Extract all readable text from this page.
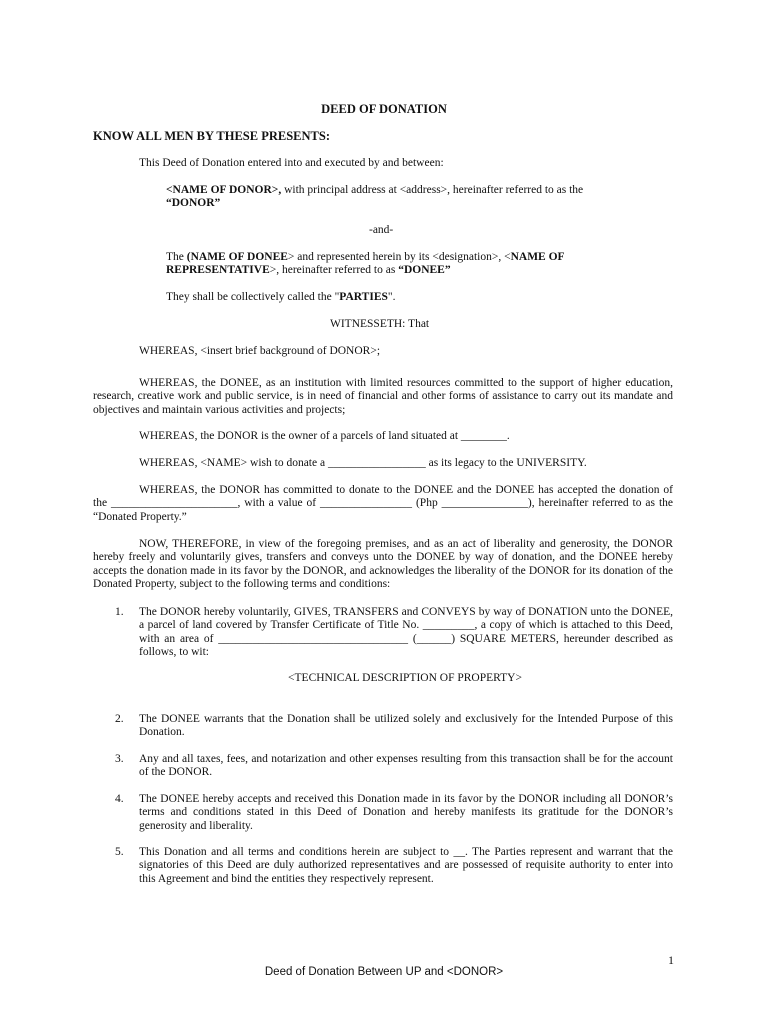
DEED OF DONATION
KNOW ALL MEN BY THESE PRESENTS:
This Deed of Donation entered into and executed by and between:
<NAME OF DONOR>, with principal address at <address>, hereinafter referred to as the “DONOR”
-and-
The (NAME OF DONEE> and represented herein by its <designation>, <NAME OF REPRESENTATIVE>, hereinafter referred to as “DONEE”
They shall be collectively called the "PARTIES".
WITNESSETH: That
WHEREAS, <insert brief background of DONOR>;
WHEREAS, the DONEE, as an institution with limited resources committed to the support of higher education, research, creative work and public service, is in need of financial and other forms of assistance to carry out its mandate and objectives and maintain various activities and projects;
WHEREAS, the DONOR is the owner of a parcels of land situated at ________.
WHEREAS, <NAME> wish to donate a _________________ as its legacy to the UNIVERSITY.
WHEREAS, the DONOR has committed to donate to the DONEE and the DONEE has accepted the donation of the ______________________, with a value of ________________ (Php _______________), hereinafter referred to as the “Donated Property.”
NOW, THEREFORE, in view of the foregoing premises, and as an act of liberality and generosity, the DONOR hereby freely and voluntarily gives, transfers and conveys unto the DONEE by way of donation, and the DONEE hereby accepts the donation made in its favor by the DONOR, and acknowledges the liberality of the DONOR for its donation of the Donated Property, subject to the following terms and conditions:
1. The DONOR hereby voluntarily, GIVES, TRANSFERS and CONVEYS by way of DONATION unto the DONEE, a parcel of land covered by Transfer Certificate of Title No. _________, a copy of which is attached to this Deed, with an area of _________________________________ (______) SQUARE METERS, hereunder described as follows, to wit:
<TECHNICAL DESCRIPTION OF PROPERTY>
2. The DONEE warrants that the Donation shall be utilized solely and exclusively for the Intended Purpose of this Donation.
3. Any and all taxes, fees, and notarization and other expenses resulting from this transaction shall be for the account of the DONOR.
4. The DONEE hereby accepts and received this Donation made in its favor by the DONOR including all DONOR’s terms and conditions stated in this Deed of Donation and hereby manifests its gratitude for the DONOR’s generosity and liberality.
5. This Donation and all terms and conditions herein are subject to __. The Parties represent and warrant that the signatories of this Deed are duly authorized representatives and are possessed of requisite authority to enter into this Agreement and bind the entities they respectively represent.
1
Deed of Donation Between UP and <DONOR>
